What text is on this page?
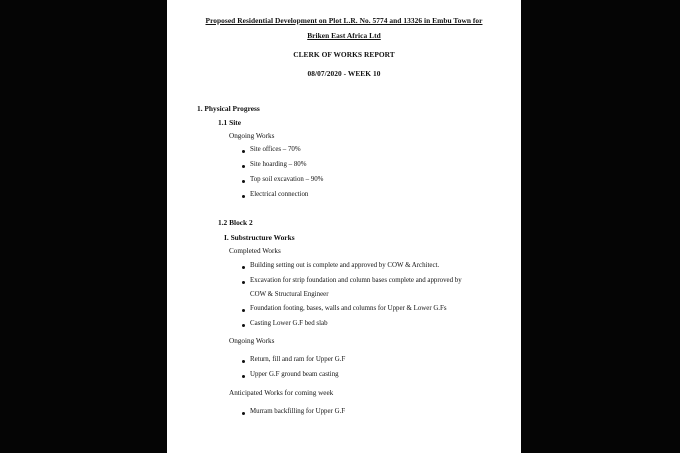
Proposed Residential Development on Plot L.R. No. 5774 and 13326 in Embu Town for
Briken East Africa Ltd
CLERK OF WORKS REPORT
08/07/2020 - WEEK 10
1. Physical Progress
1.1 Site
Ongoing Works
Site offices – 70%
Site hoarding – 80%
Top soil excavation – 90%
Electrical connection
1.2 Block 2
I. Substructure Works
Completed Works
Building setting out is complete and approved by COW & Architect.
Excavation for strip foundation and column bases complete and approved by
COW & Structural Engineer
Foundation footing, bases, walls and columns for Upper & Lower G.Fs
Casting Lower G.F bed slab
Ongoing Works
Return, fill and ram for Upper G.F
Upper G.F ground beam casting
Anticipated Works for coming week
Murram backfilling for Upper G.F
